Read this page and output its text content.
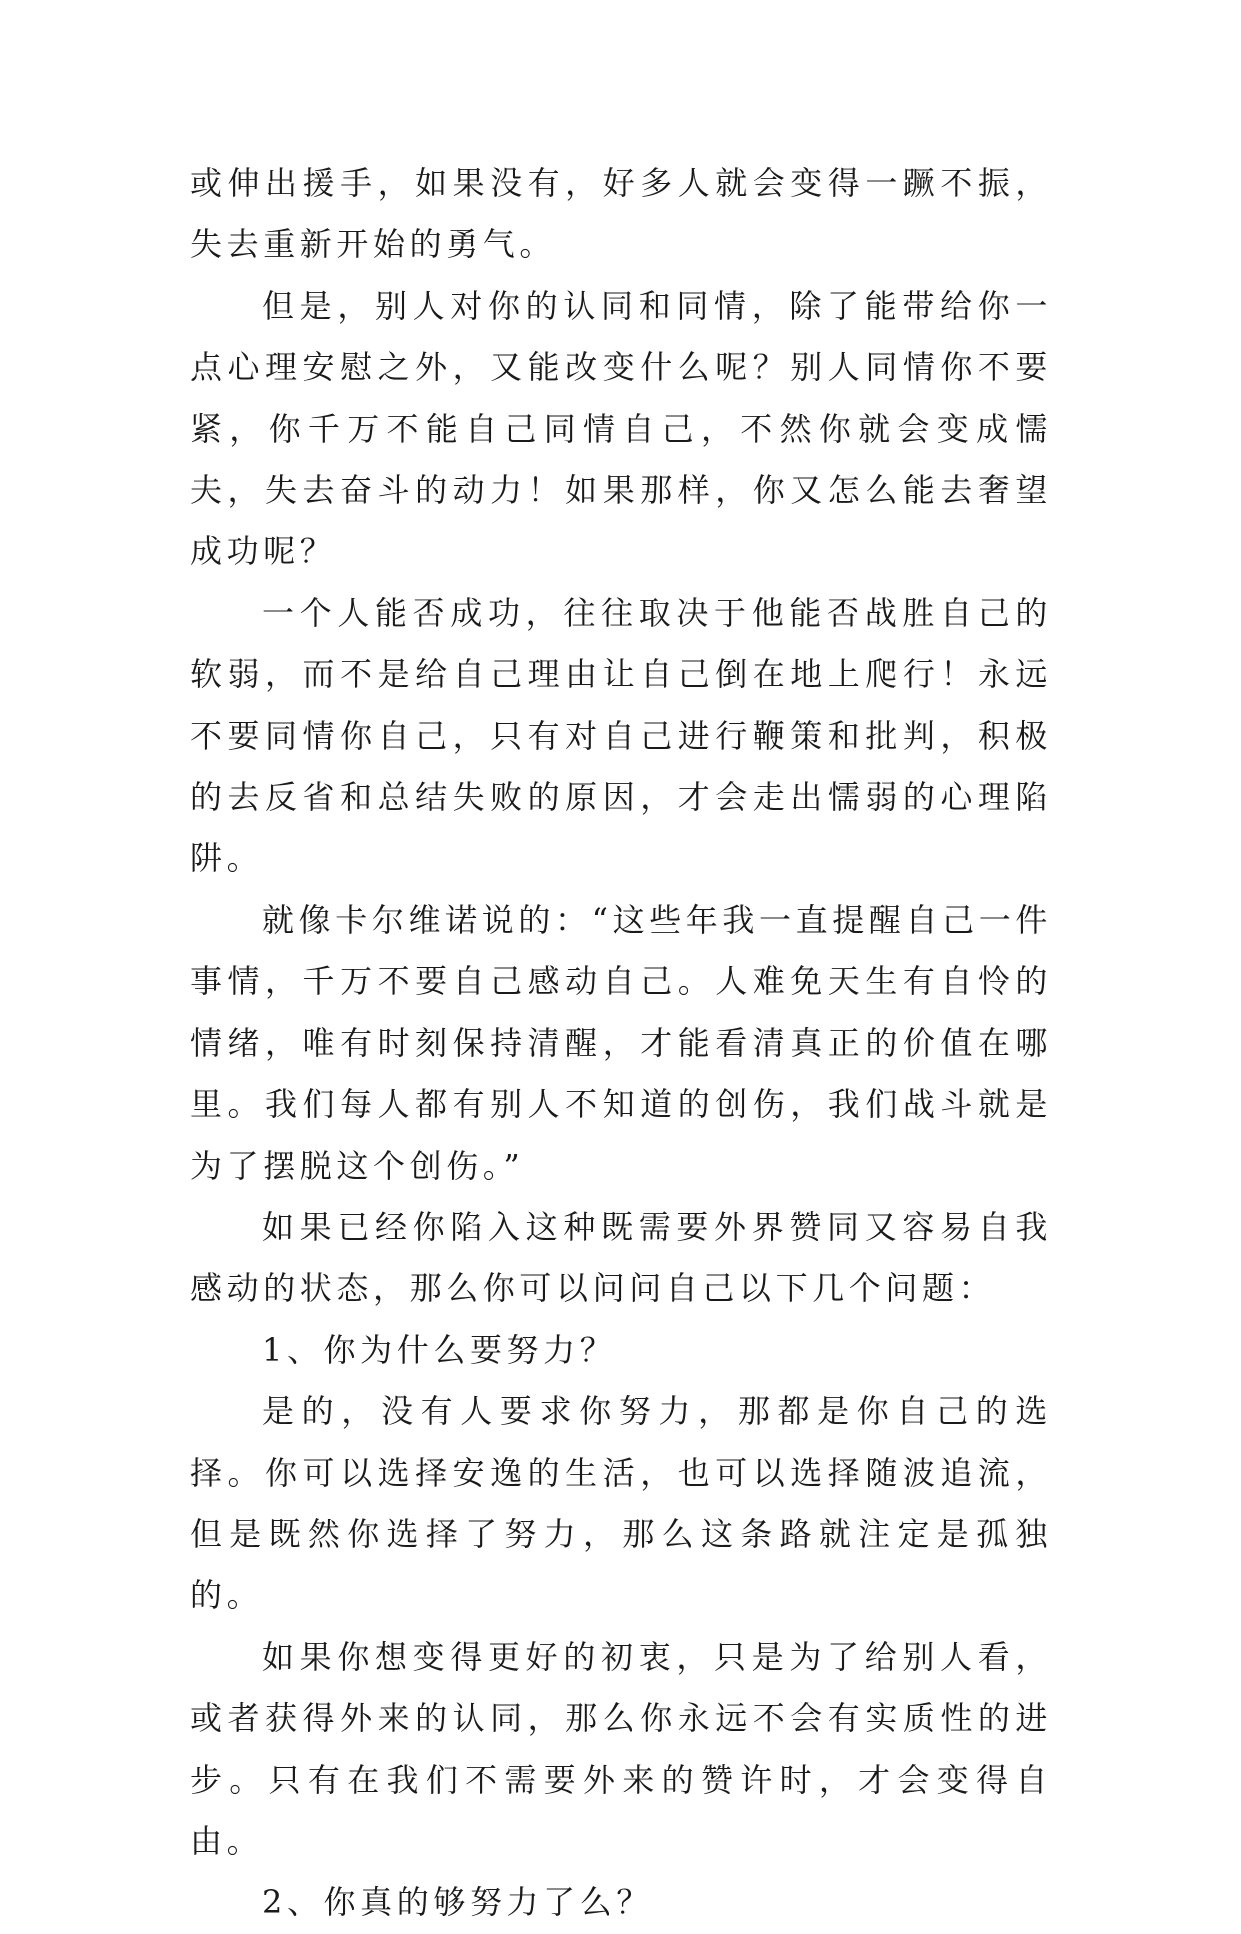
或伸出援手，如果没有，好多人就会变得一蹶不振，失去重新开始的勇气。

但是，别人对你的认同和同情，除了能带给你一点心理安慰之外，又能改变什么呢？别人同情你不要紧，你千万不能自己同情自己，不然你就会变成懦夫，失去奋斗的动力！如果那样，你又怎么能去奢望成功呢？

一个人能否成功，往往取决于他能否战胜自己的软弱，而不是给自己理由让自己倒在地上爬行！永远不要同情你自己，只有对自己进行鞭策和批判，积极的去反省和总结失败的原因，才会走出懦弱的心理陷阱。

就像卡尔维诺说的：“这些年我一直提醒自己一件事情，千万不要自己感动自己。人难免天生有自怜的情绪，唯有时刻保持清醒，才能看清真正的价值在哪里。我们每人都有别人不知道的创伤，我们战斗就是为了摆脱这个创伤。”

如果已经你陷入这种既需要外界赞同又容易自我感动的状态，那么你可以问问自己以下几个问题：

1、你为什么要努力？

是的，没有人要求你努力，那都是你自己的选择。你可以选择安逸的生活，也可以选择随波追流，但是既然你选择了努力，那么这条路就注定是孤独的。

如果你想变得更好的初衷，只是为了给别人看，或者获得外来的认同，那么你永远不会有实质性的进步。只有在我们不需要外来的赞许时，才会变得自由。

2、你真的够努力了么？
